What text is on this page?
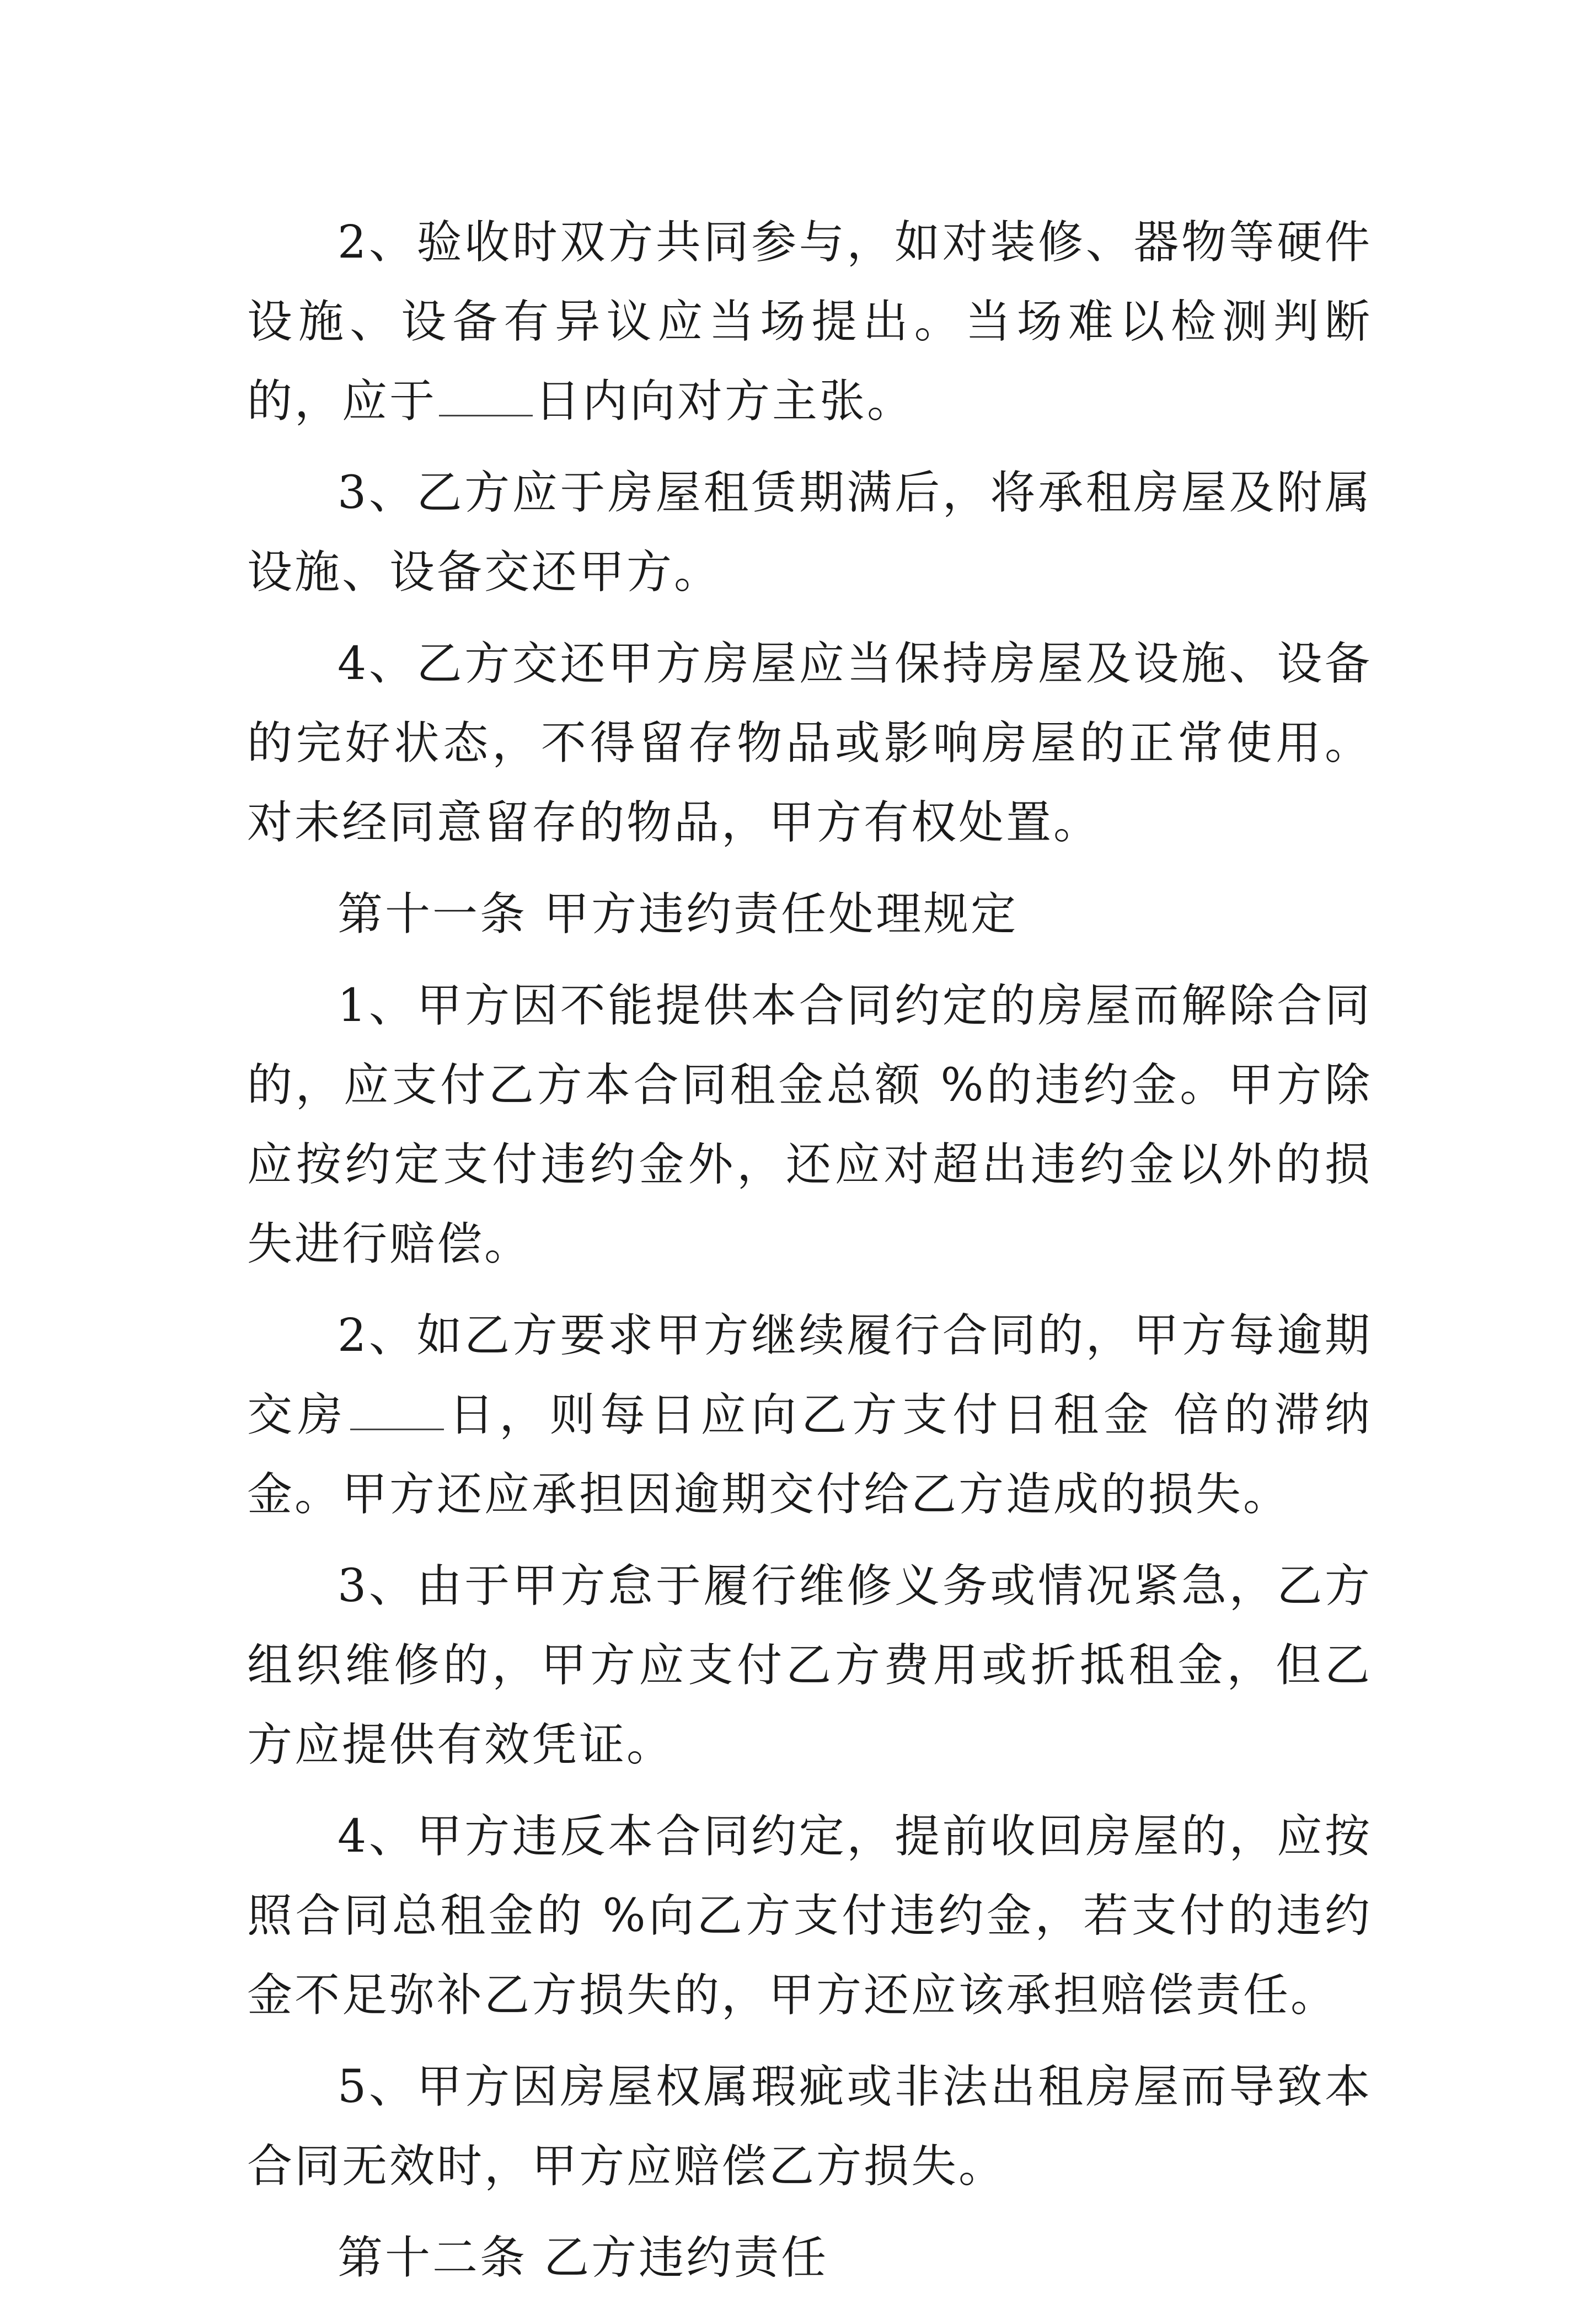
2、验收时双方共同参与，如对装修、器物等硬件设施、设备有异议应当场提出。当场难以检测判断的，应于 日内向对方主张。

3、乙方应于房屋租赁期满后，将承租房屋及附属设施、设备交还甲方。

4、乙方交还甲方房屋应当保持房屋及设施、设备的完好状态，不得留存物品或影响房屋的正常使用。对未经同意留存的物品，甲方有权处置。

第十一条 甲方违约责任处理规定

1、甲方因不能提供本合同约定的房屋而解除合同的，应支付乙方本合同租金总额 %的违约金。甲方除应按约定支付违约金外，还应对超出违约金以外的损失进行赔偿。

2、如乙方要求甲方继续履行合同的，甲方每逾期交房 日，则每日应向乙方支付日租金 倍的滞纳金。甲方还应承担因逾期交付给乙方造成的损失。

3、由于甲方怠于履行维修义务或情况紧急，乙方组织维修的，甲方应支付乙方费用或折抵租金，但乙方应提供有效凭证。

4、甲方违反本合同约定，提前收回房屋的，应按照合同总租金的 %向乙方支付违约金，若支付的违约金不足弥补乙方损失的，甲方还应该承担赔偿责任。

5、甲方因房屋权属瑕疵或非法出租房屋而导致本合同无效时，甲方应赔偿乙方损失。

第十二条 乙方违约责任
